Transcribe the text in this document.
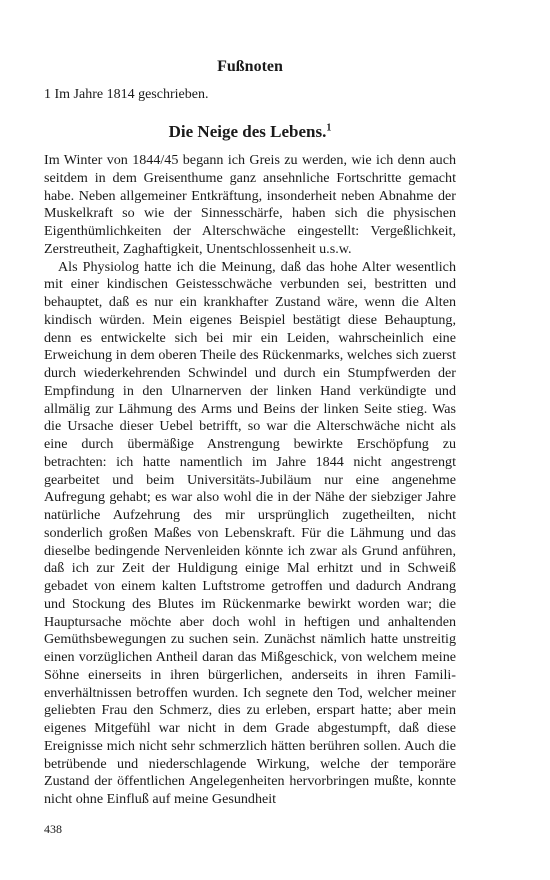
Fußnoten

1 Im Jahre 1814 geschrieben.

Die Neige des Lebens.$^1$

Im Winter von 1844/45 begann ich Greis zu werden, wie ich denn auch seitdem in dem Greisenthume ganz ansehnliche Fortschritte gemacht habe. Neben allgemeiner Entkräftung, insonderheit neben Abnahme der Muskelkraft so wie der Sinnesschärfe, haben sich die physischen Eigenthümlichkeiten der Alterschwäche eingestellt: Vergeßlichkeit, Zerstreutheit, Zaghaftigkeit, Unentschlossenheit u.s.w.

Als Physiolog hatte ich die Meinung, daß das hohe Alter wesentlich mit einer kindischen Geistesschwäche verbunden sei, bestritten und behauptet, daß es nur ein krankhafter Zustand wäre, wenn die Alten kindisch würden. Mein eigenes Beispiel bestätigt diese Behauptung, denn es entwickelte sich bei mir ein Leiden, wahrscheinlich eine Erweichung in dem oberen Theile des Rückenmarks, welches sich zuerst durch wiederkehrenden Schwindel und durch ein Stumpfwerden der Empfindung in den Ulnarnerven der linken Hand verkündigte und allmälig zur Lähmung des Arms und Beins der linken Seite stieg. Was die Ursache dieser Uebel betrifft, so war die Alterschwäche nicht als eine durch übermäßige Anstrengung bewirkte Erschöpfung zu betrachten: ich hatte namentlich im Jahre 1844 nicht angestrengt gearbeitet und beim Universitäts-Jubiläum nur eine angenehme Aufregung gehabt; es war also wohl die in der Nähe der siebziger Jahre natürliche Aufzehrung des mir ursprünglich zugetheilten, nicht sonderlich großen Maßes von Lebenskraft. Für die Lähmung und das dieselbe bedingende Nervenleiden könnte ich zwar als Grund anführen, daß ich zur Zeit der Huldigung einige Mal erhitzt und in Schweiß gebadet von einem kalten Luftstrome getroffen und dadurch Andrang und Stockung des Blutes im Rückenmarke bewirkt worden war; die Hauptursache möchte aber doch wohl in heftigen und anhaltenden Gemüthsbewegungen zu suchen sein. Zunächst nämlich hatte unstreitig einen vorzüglichen Antheil daran das Mißgeschick, von welchem meine Söhne einerseits in ihren bürgerlichen, anderseits in ihren Familienverhältnissen betroffen wurden. Ich segnete den Tod, welcher meiner geliebten Frau den Schmerz, dies zu erleben, erspart hatte; aber mein eigenes Mitgefühl war nicht in dem Grade abgestumpft, daß diese Ereignisse mich nicht sehr schmerzlich hätten berühren sollen. Auch die betrübende und niederschlagende Wirkung, welche der temporäre Zustand der öffentlichen Angelegenheiten hervorbringen mußte, konnte nicht ohne Einfluß auf meine Gesundheit

438
